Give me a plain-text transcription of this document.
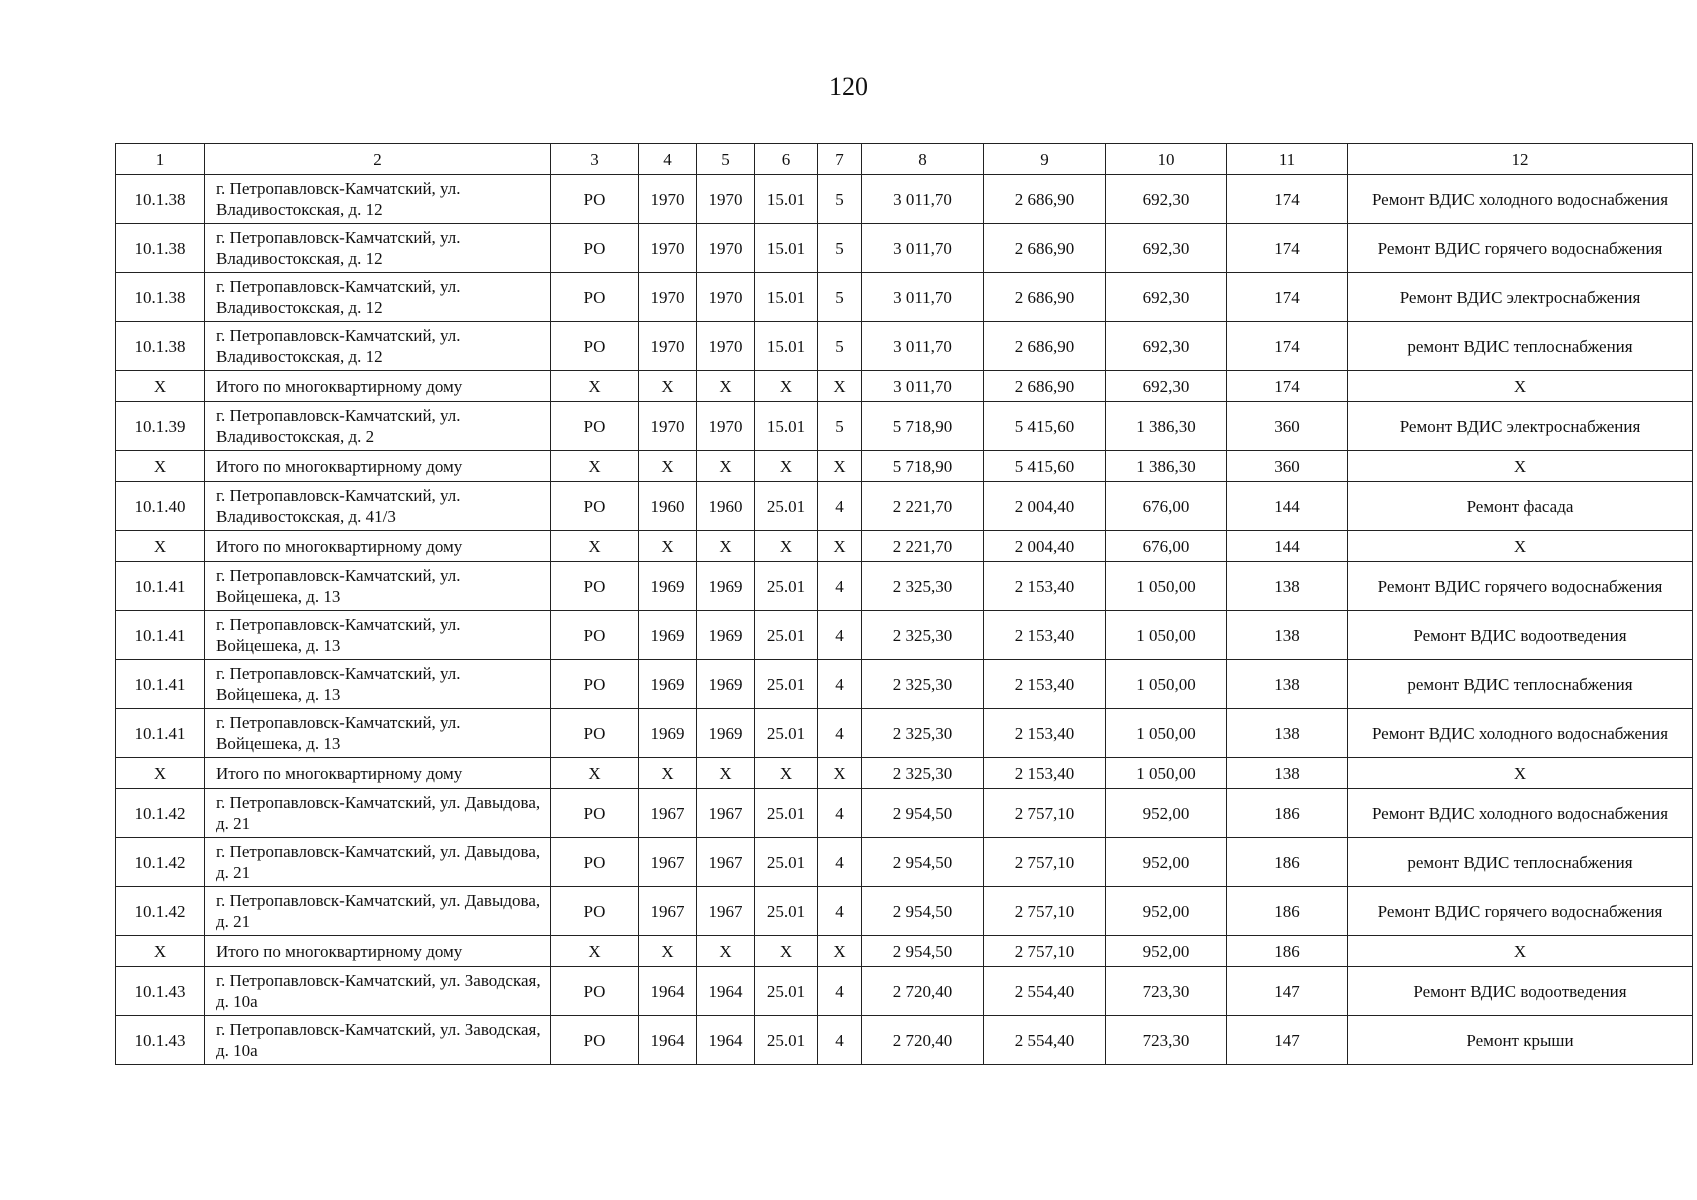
120
1	2	3	4	5	6	7	8	9	10	11	12
10.1.38	г. Петропавловск-Камчатский, ул. Владивостокская, д. 12	РО	1970	1970	15.01	5	3 011,70	2 686,90	692,30	174	Ремонт ВДИС холодного водоснабжения
10.1.38	г. Петропавловск-Камчатский, ул. Владивостокская, д. 12	РО	1970	1970	15.01	5	3 011,70	2 686,90	692,30	174	Ремонт ВДИС горячего водоснабжения
10.1.38	г. Петропавловск-Камчатский, ул. Владивостокская, д. 12	РО	1970	1970	15.01	5	3 011,70	2 686,90	692,30	174	Ремонт ВДИС электроснабжения
10.1.38	г. Петропавловск-Камчатский, ул. Владивостокская, д. 12	РО	1970	1970	15.01	5	3 011,70	2 686,90	692,30	174	ремонт ВДИС теплоснабжения
Х	Итого по многоквартирному дому	Х	Х	Х	Х	Х	3 011,70	2 686,90	692,30	174	Х
10.1.39	г. Петропавловск-Камчатский, ул. Владивостокская, д. 2	РО	1970	1970	15.01	5	5 718,90	5 415,60	1 386,30	360	Ремонт ВДИС электроснабжения
Х	Итого по многоквартирному дому	Х	Х	Х	Х	Х	5 718,90	5 415,60	1 386,30	360	Х
10.1.40	г. Петропавловск-Камчатский, ул. Владивостокская, д. 41/3	РО	1960	1960	25.01	4	2 221,70	2 004,40	676,00	144	Ремонт фасада
Х	Итого по многоквартирному дому	Х	Х	Х	Х	Х	2 221,70	2 004,40	676,00	144	Х
10.1.41	г. Петропавловск-Камчатский, ул. Войцешека, д. 13	РО	1969	1969	25.01	4	2 325,30	2 153,40	1 050,00	138	Ремонт ВДИС горячего водоснабжения
10.1.41	г. Петропавловск-Камчатский, ул. Войцешека, д. 13	РО	1969	1969	25.01	4	2 325,30	2 153,40	1 050,00	138	Ремонт ВДИС водоотведения
10.1.41	г. Петропавловск-Камчатский, ул. Войцешека, д. 13	РО	1969	1969	25.01	4	2 325,30	2 153,40	1 050,00	138	ремонт ВДИС теплоснабжения
10.1.41	г. Петропавловск-Камчатский, ул. Войцешека, д. 13	РО	1969	1969	25.01	4	2 325,30	2 153,40	1 050,00	138	Ремонт ВДИС холодного водоснабжения
Х	Итого по многоквартирному дому	Х	Х	Х	Х	Х	2 325,30	2 153,40	1 050,00	138	Х
10.1.42	г. Петропавловск-Камчатский, ул. Давыдова, д. 21	РО	1967	1967	25.01	4	2 954,50	2 757,10	952,00	186	Ремонт ВДИС холодного водоснабжения
10.1.42	г. Петропавловск-Камчатский, ул. Давыдова, д. 21	РО	1967	1967	25.01	4	2 954,50	2 757,10	952,00	186	ремонт ВДИС теплоснабжения
10.1.42	г. Петропавловск-Камчатский, ул. Давыдова, д. 21	РО	1967	1967	25.01	4	2 954,50	2 757,10	952,00	186	Ремонт ВДИС горячего водоснабжения
Х	Итого по многоквартирному дому	Х	Х	Х	Х	Х	2 954,50	2 757,10	952,00	186	Х
10.1.43	г. Петропавловск-Камчатский, ул. Заводская, д. 10а	РО	1964	1964	25.01	4	2 720,40	2 554,40	723,30	147	Ремонт ВДИС водоотведения
10.1.43	г. Петропавловск-Камчатский, ул. Заводская, д. 10а	РО	1964	1964	25.01	4	2 720,40	2 554,40	723,30	147	Ремонт крыши
